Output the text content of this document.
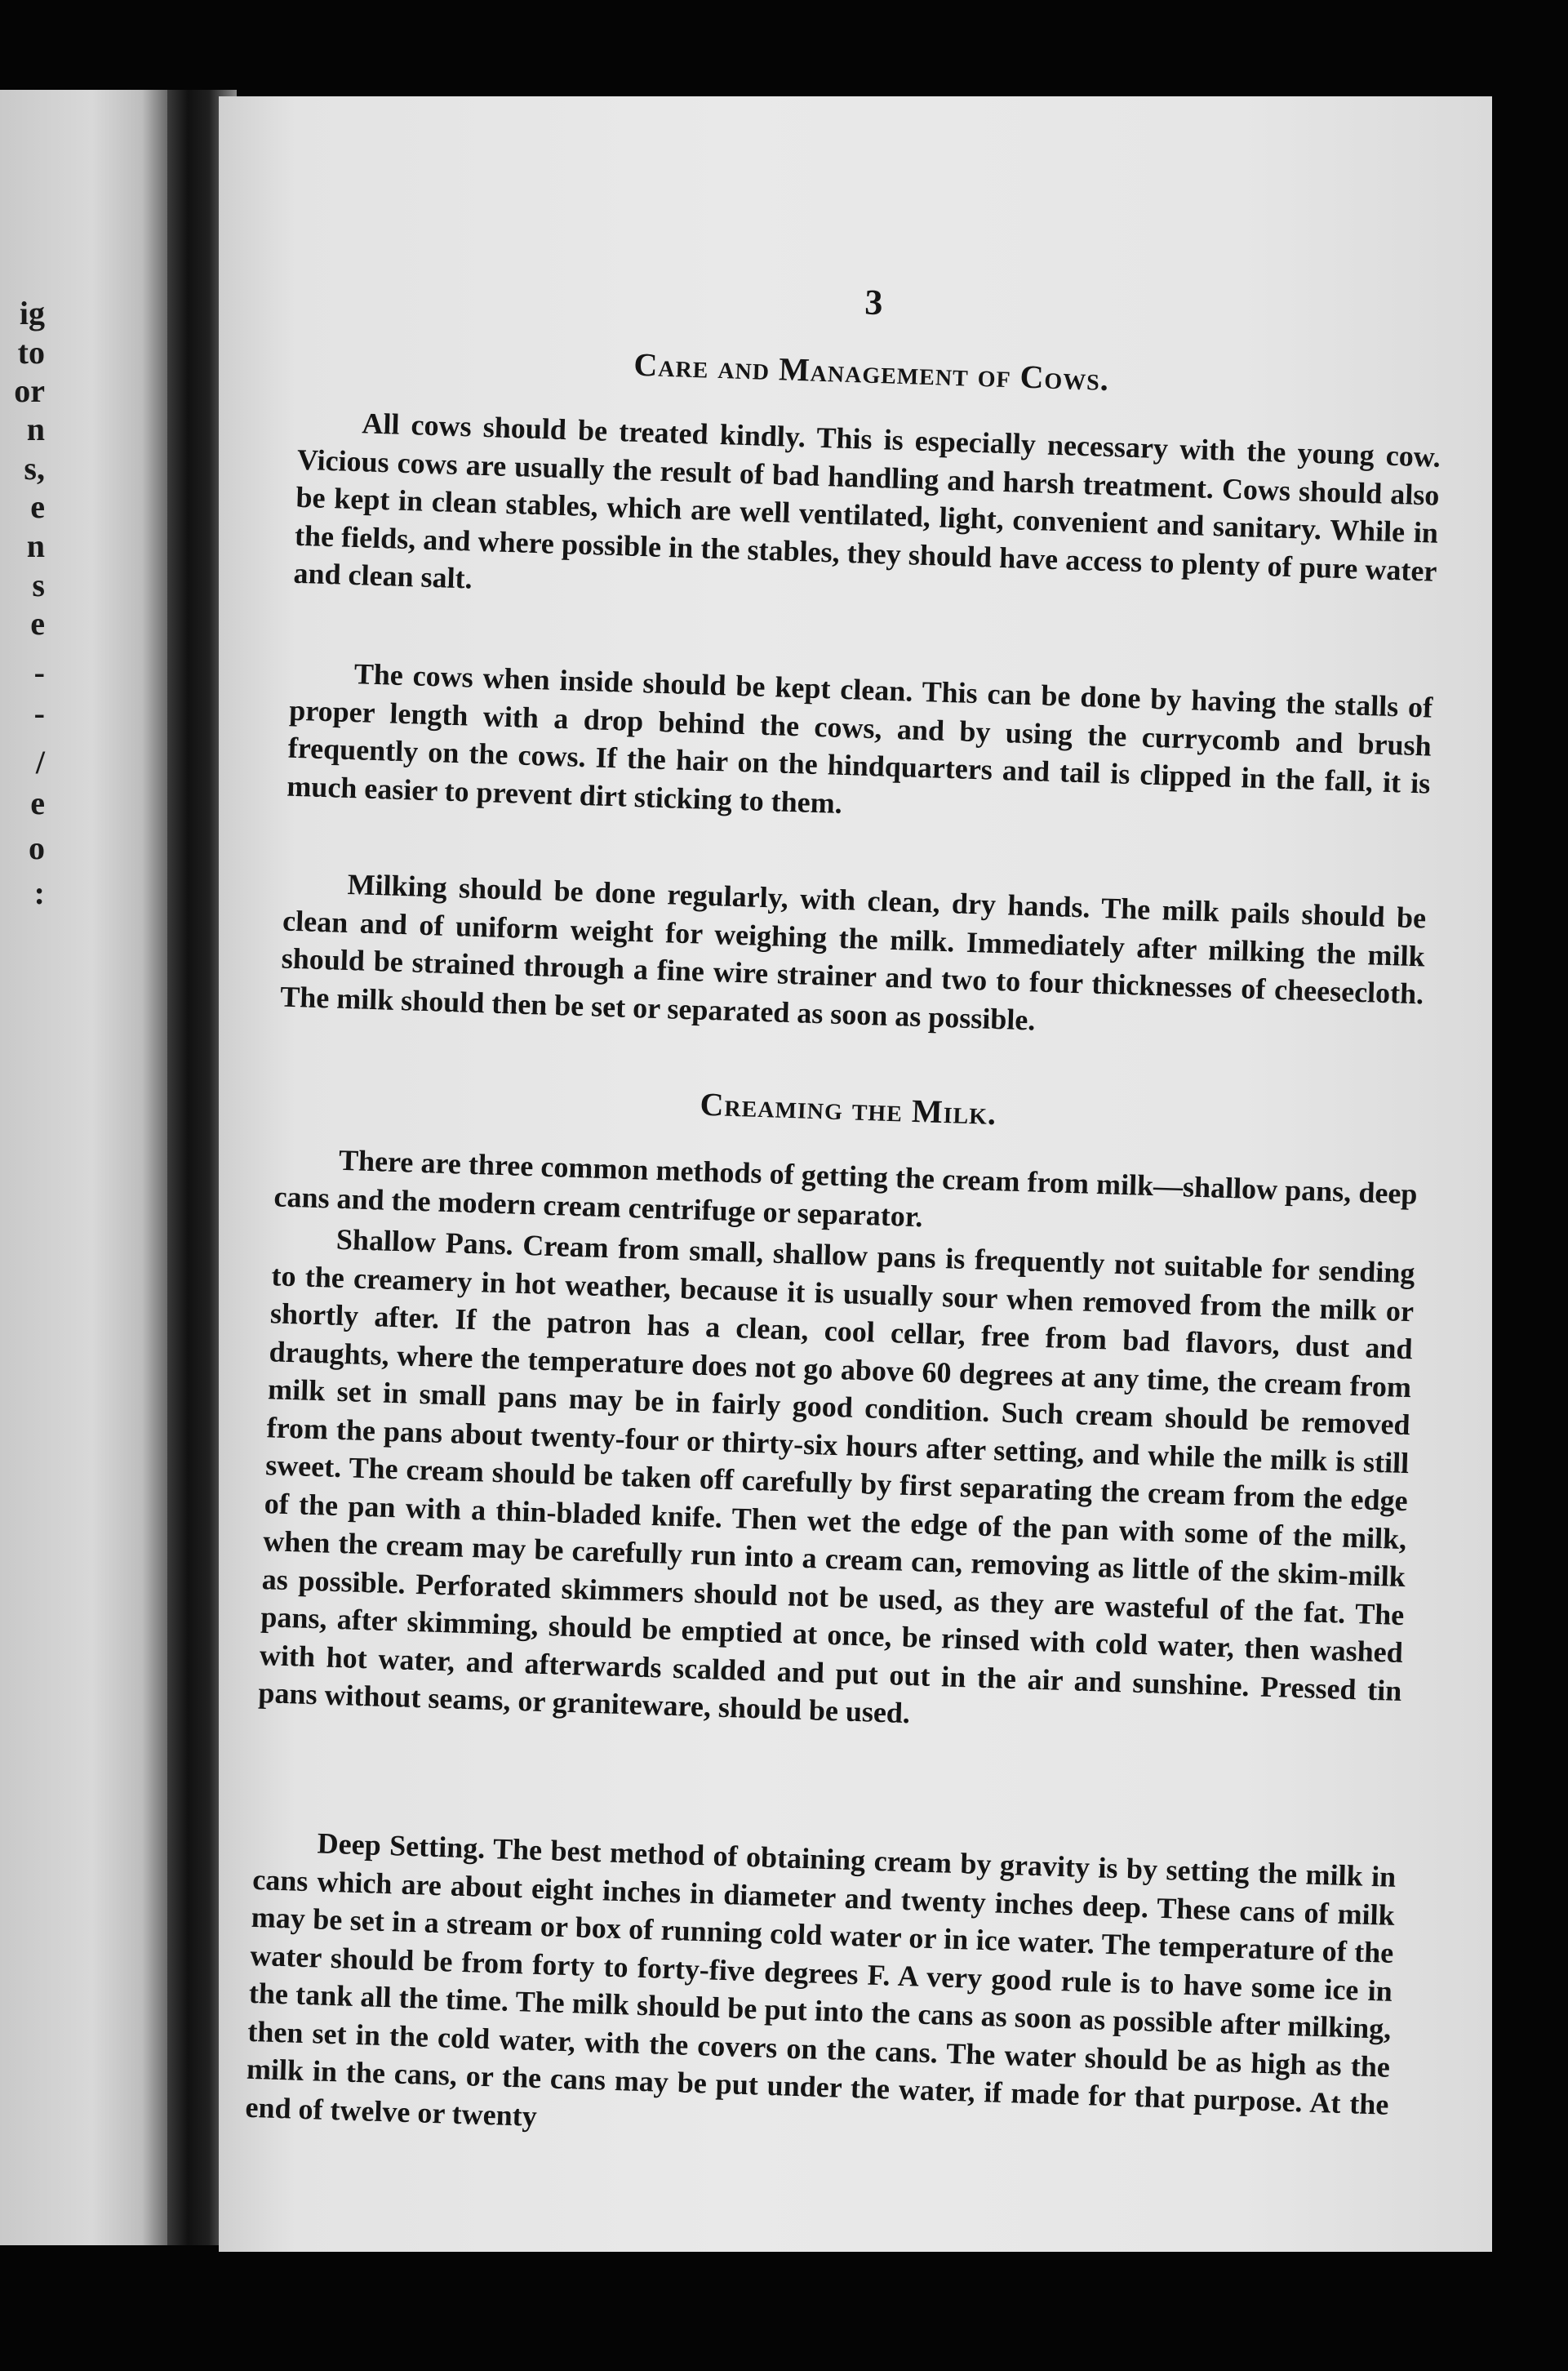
ig
to
or
n
s,
e
n
s
e
-
-
/
e
o
:
3
Care and Management of Cows.

All cows should be treated kindly. This is especially necessary with the young cow. Vicious cows are usually the result of bad handling and harsh treatment. Cows should also be kept in clean stables, which are well ventilated, light, convenient and sanitary. While in the fields, and where possible in the stables, they should have access to plenty of pure water and clean salt.

The cows when inside should be kept clean. This can be done by having the stalls of proper length with a drop behind the cows, and by using the currycomb and brush frequently on the cows. If the hair on the hindquarters and tail is clipped in the fall, it is much easier to prevent dirt sticking to them.

Milking should be done regularly, with clean, dry hands. The milk pails should be clean and of uniform weight for weighing the milk. Immediately after milking the milk should be strained through a fine wire strainer and two to four thicknesses of cheesecloth. The milk should then be set or separated as soon as possible.

Creaming the Milk.

There are three common methods of getting the cream from milk—shallow pans, deep cans and the modern cream centrifuge or separator.

Shallow Pans. Cream from small, shallow pans is frequently not suitable for sending to the creamery in hot weather, because it is usually sour when removed from the milk or shortly after. If the patron has a clean, cool cellar, free from bad flavors, dust and draughts, where the temperature does not go above 60 degrees at any time, the cream from milk set in small pans may be in fairly good condition. Such cream should be removed from the pans about twenty-four or thirty-six hours after setting, and while the milk is still sweet. The cream should be taken off carefully by first separating the cream from the edge of the pan with a thin-bladed knife. Then wet the edge of the pan with some of the milk, when the cream may be carefully run into a cream can, removing as little of the skim-milk as possible. Perforated skimmers should not be used, as they are wasteful of the fat. The pans, after skimming, should be emptied at once, be rinsed with cold water, then washed with hot water, and afterwards scalded and put out in the air and sunshine. Pressed tin pans without seams, or graniteware, should be used.

Deep Setting. The best method of obtaining cream by gravity is by setting the milk in cans which are about eight inches in diameter and twenty inches deep. These cans of milk may be set in a stream or box of running cold water or in ice water. The temperature of the water should be from forty to forty-five degrees F. A very good rule is to have some ice in the tank all the time. The milk should be put into the cans as soon as possible after milking, then set in the cold water, with the covers on the cans. The water should be as high as the milk in the cans, or the cans may be put under the water, if made for that purpose. At the end of twelve or twenty
